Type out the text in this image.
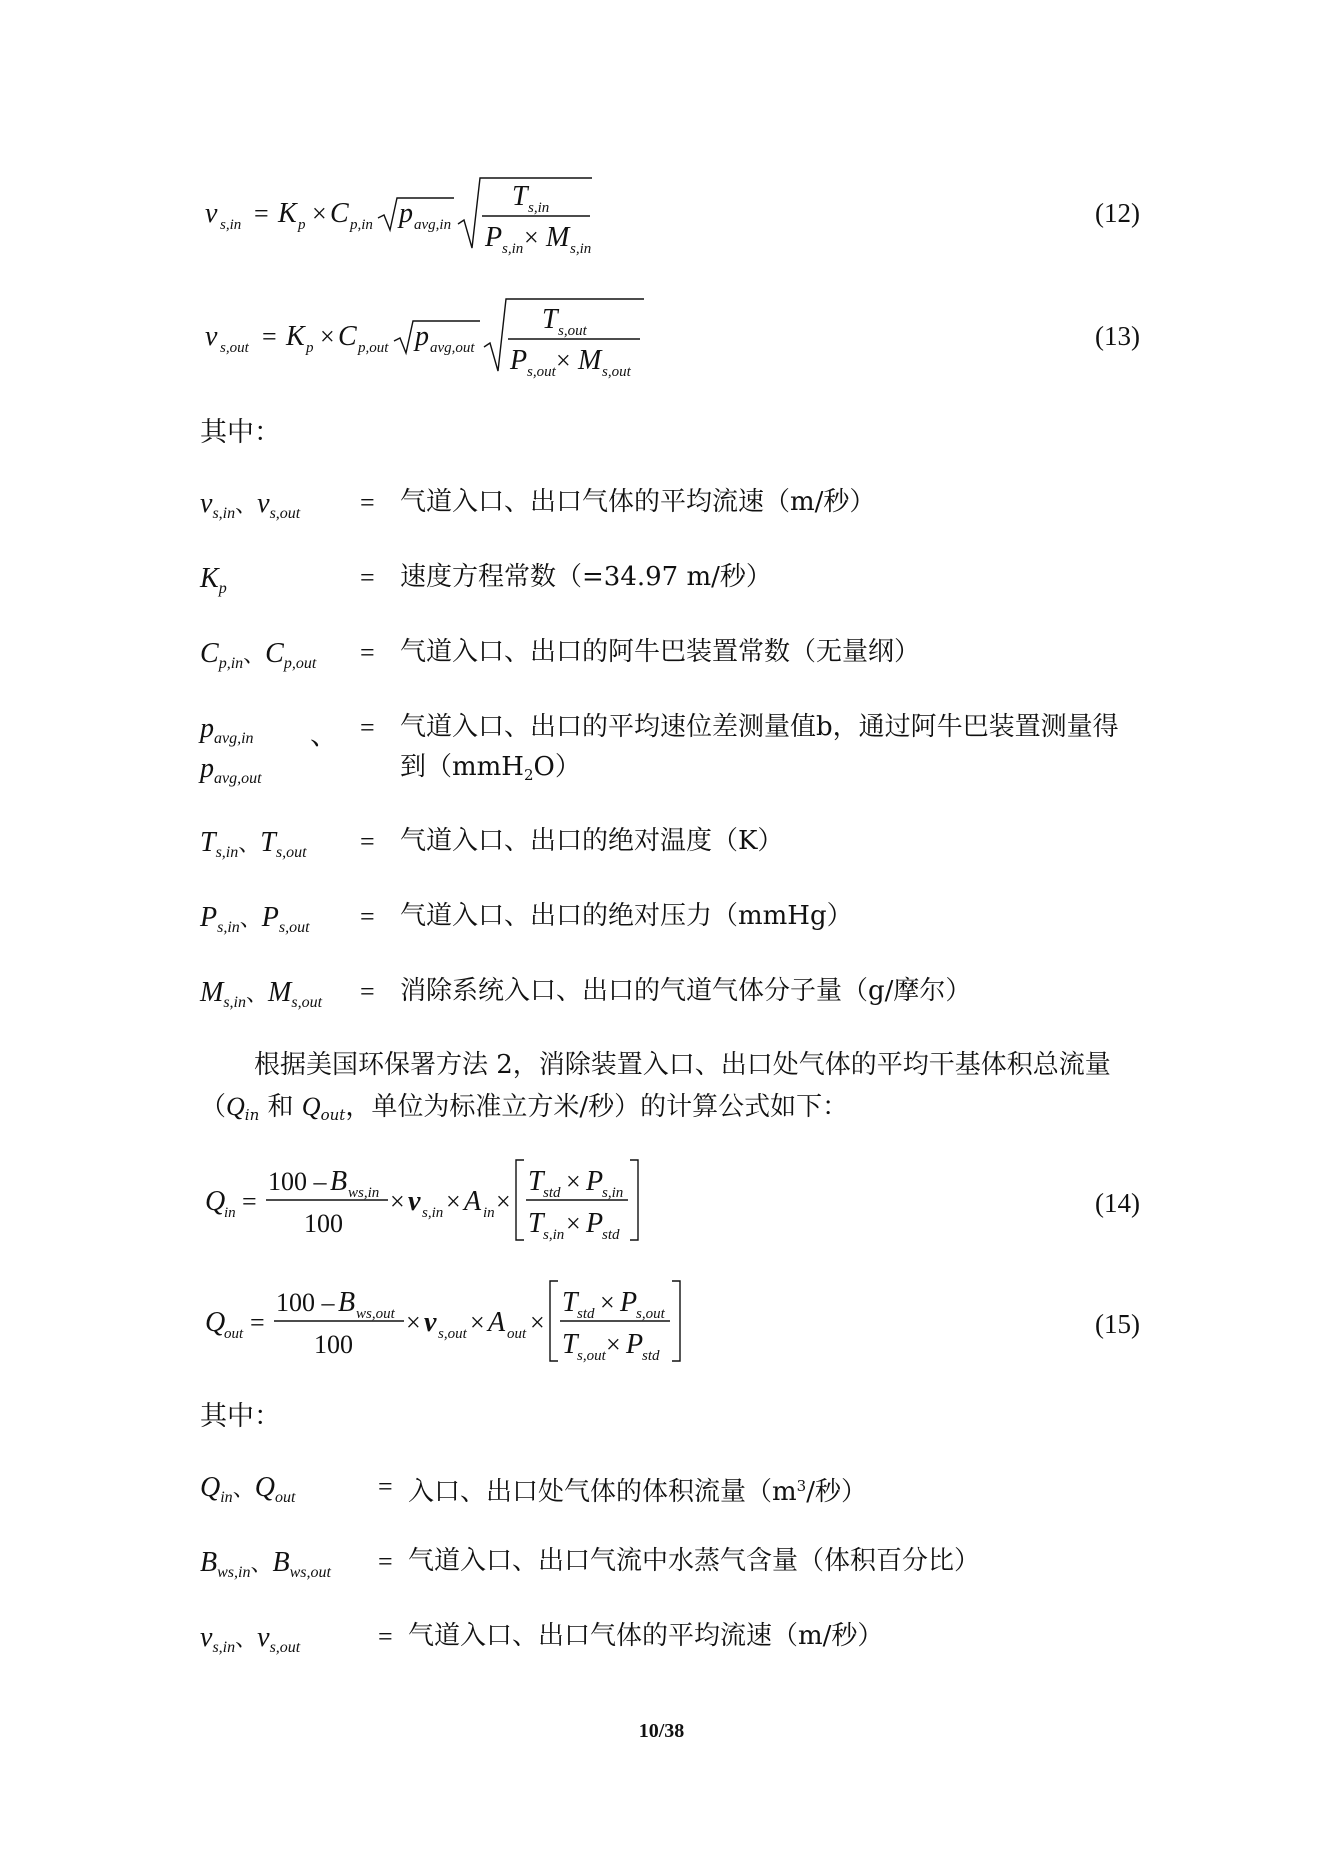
v s,in = K p × C p,in p avg,in
T s,in
P s,in × M s,in
(12)
v s,out = K p × C p,out p avg,out
T s,out
P s,out × M s,out
(13)
其中：
$v_{s,in}$、$v_{s,out}$ = 气道入口、出口气体的平均流速（m/秒）
$K_p$	= 速度方程常数（=34.97 m/秒）
$C_{p,in}$、$C_{p,out}$ = 气道入口、出口的阿牛巴装置常数（无量纲）
$p_{avg,in}$ 、
$p_{avg,out}$
= 气道入口、出口的平均速位差测量值b，通过阿牛巴装置测量得
到（mmH$_2$O）
$T_{s,in}$、$T_{s,out}$ = 气道入口、出口的绝对温度（K）
$P_{s,in}$、$P_{s,out}$ = 气道入口、出口的绝对压力（mmHg）
$M_{s,in}$、$M_{s,out}$ = 消除系统入口、出口的气道气体分子量（g/摩尔）
根据美国环保署方法 2，消除装置入口、出口处气体的平均干基体积总流量（$Q_{in}$ 和 $Q_{out}$，单位为标准立方米/秒）的计算公式如下：
Q
in =
100 – B ws,in
100
× v s,in × A in ×
T std × P
s,in
T s,in × P
std
(14)
Q
out =
100 – B ws,out
100
× v s,out × A out ×
T std × P
s,out
T s,out × P
std
(15)
其中：
$Q_{in}$、$Q_{out}$	= 入口、出口处气体的体积流量（$m^3/$秒）
$B_{ws,in}$、$B_{ws,out}$ = 气道入口、出口气流中水蒸气含量（体积百分比）
$v_{s,in}$、$v_{s,out}$	= 气道入口、出口气体的平均流速（m/秒）
10/38
